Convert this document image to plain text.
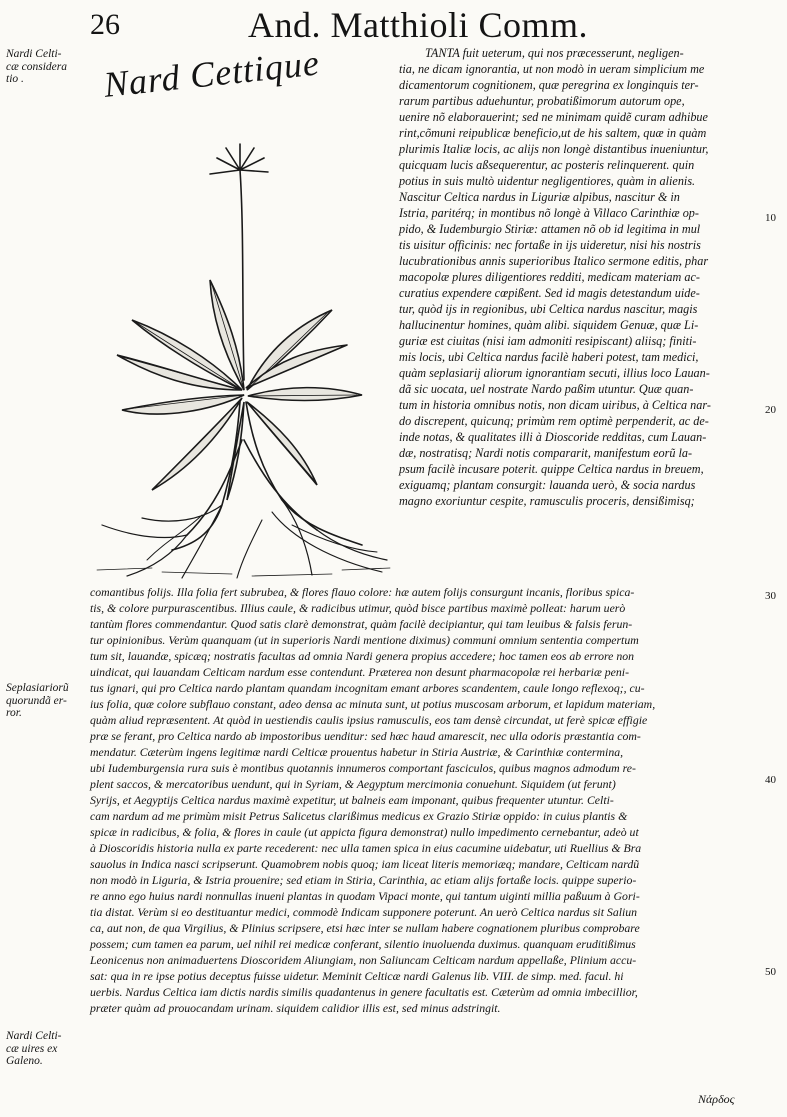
26	And. Matthioli Comm.
Nardi Celti-
cæ considera
tio .
Seplasiariorũ
quorundã er-
ror.
Nardi Celti-
cæ uires ex
Galeno.
10
20
30
40
50
Nard Cettique	TANTA fuit ueterum, qui nos præcesserunt, negligen-
tia, ne dicam ignorantia, ut non modò in ueram simplicium me
dicamentorum cognitionem, quæ peregrina ex longinquis ter-
rarum partibus aduehuntur, probatißimorum autorum ope,
uenire nõ elaborauerint; sed ne minimam quidẽ curam adhibue
rint,cõmuni reipublicæ beneficio,ut de his saltem, quæ in quàm
plurimis Italiæ locis, ac alijs non longè distantibus inueniuntur,
quicquam lucis aßsequerentur, ac posteris relinquerent. quin
potius in suis multò uidentur negligentiores, quàm in alienis.
Nascitur Celtica nardus in Liguriæ alpibus, nascitur & in
Istria, paritérq; in montibus nõ longè à Villaco Carinthiæ op-
pido, & Iudemburgio Stiriæ: attamen nõ ob id legitima in mul
tis uisitur officinis: nec fortaße in ijs uideretur, nisi his nostris
lucubrationibus annis superioribus Italico sermone editis, phar
macopolæ plures diligentiores redditi, medicam materiam ac-
curatius expendere cœpißent. Sed id magis detestandum uide-
tur, quòd ijs in regionibus, ubi Celtica nardus nascitur, magis
hallucinentur homines, quàm alibi. siquidem Genuæ, quæ Li-
guriæ est ciuitas (nisi iam admoniti resipiscant) aliisq; finiti-
mis locis, ubi Celtica nardus facilè haberi potest, tam medici,
quàm seplasiarij aliorum ignorantiam secuti, illius loco Lauan-
dã sic uocata, uel nostrate Nardo paßim utuntur. Quæ quan-
tum in historia omnibus notis, non dicam uiribus, à Celtica nar-
do discrepent, quicunq; primùm rem optimè perpenderit, ac de-
inde notas, & qualitates illi à Dioscoride redditas, cum Lauan-
dæ, nostratisq; Nardi notis compararit, manifestum eorũ la-
psum facilè incusare poterit. quippe Celtica nardus in breuem,
exiguamq; plantam consurgit: lauanda uerò, & socia nardus
magno exoriuntur cespite, ramusculis proceris, densißimisq;
comantibus folijs. Illa folia fert subrubea, & flores flauo colore: hæ autem folijs consurgunt incanis, floribus spica-
tis, & colore purpurascentibus. Illius caule, & radicibus utimur, quòd bisce partibus maximè polleat: harum uerò
tantùm flores commendantur. Quod satis clarè demonstrat, quàm facilè decipiantur, qui tam leuibus & falsis ferun-
tur opinionibus. Verùm quanquam (ut in superioris Nardi mentione diximus) communi omnium sententia compertum
tum sit, lauandæ, spicæq; nostratis facultas ad omnia Nardi genera propius accedere; hoc tamen eos ab errore non
uindicat, qui lauandam Celticam nardum esse contendunt. Præterea non desunt pharmacopolæ rei herbariæ peni-
tus ignari, qui pro Celtica nardo plantam quandam incognitam emant arbores scandentem, caule longo reflexoq;, cu-
ius folia, quæ colore subflauo constant, adeo densa ac minuta sunt, ut potius muscosam arborum, et lapidum materiam,
quàm aliud repræsentent. At quòd in uestiendis caulis ipsius ramusculis, eos tam densè circundat, ut ferè spicæ effigie
præ se ferant, pro Celtica nardo ab impostoribus uenditur: sed hæc haud amarescit, nec ulla odoris præstantia com-
mendatur. Cæterùm ingens legitimæ nardi Celticæ prouentus habetur in Stiria Austriæ, & Carinthiæ contermina,
ubi Iudemburgensia rura suis è montibus quotannis innumeros comportant fasciculos, quibus magnos admodum re-
plent saccos, & mercatoribus uendunt, qui in Syriam, & Aegyptum mercimonia conuehunt. Siquidem (ut ferunt)
Syrijs, et Aegyptijs Celtica nardus maximè expetitur, ut balneis eam imponant, quibus frequenter utuntur. Celti-
cam nardum ad me primùm misit Petrus Salicetus clarißimus medicus ex Grazio Stiriæ oppido: in cuius plantis &
spicæ in radicibus, & folia, & flores in caule (ut appicta figura demonstrat) nullo impedimento cernebantur, adeò ut
à Dioscoridis historia nulla ex parte recederent: nec ulla tamen spica in eius cacumine uidebatur, uti Ruellius & Bra
sauolus in Indica nasci scripserunt. Quamobrem nobis quoq; iam liceat literis memoriæq; mandare, Celticam nardũ
non modò in Liguria, & Istria prouenire; sed etiam in Stiria, Carinthia, ac etiam alijs fortaße locis. quippe superio-
re anno ego huius nardi nonnullas inueni plantas in quodam Vipaci monte, qui tantum uiginti millia paßuum à Gori-
tia distat. Verùm si eo destituantur medici, commodè Indicam supponere poterunt. An uerò Celtica nardus sit Saliun
ca, aut non, de qua Virgilius, & Plinius scripsere, etsi hæc inter se nullam habere cognationem pluribus comprobare
possem; cum tamen ea parum, uel nihil rei medicæ conferant, silentio inuoluenda duximus. quanquam eruditißimus
Leonicenus non animaduertens Dioscoridem Aliungiam, non Saliuncam Celticam nardum appellaße, Plinium accu-
sat: qua in re ipse potius deceptus fuisse uidetur. Meminit Celticæ nardi Galenus lib. VIII. de simp. med. facul. hi
uerbis. Nardus Celtica iam dictis nardis similis quadantenus in genere facultatis est. Cæterùm ad omnia imbecillior,
præter quàm ad prouocandam urinam. siquidem calidior illis est, sed minus adstringit.
Νάρδος
